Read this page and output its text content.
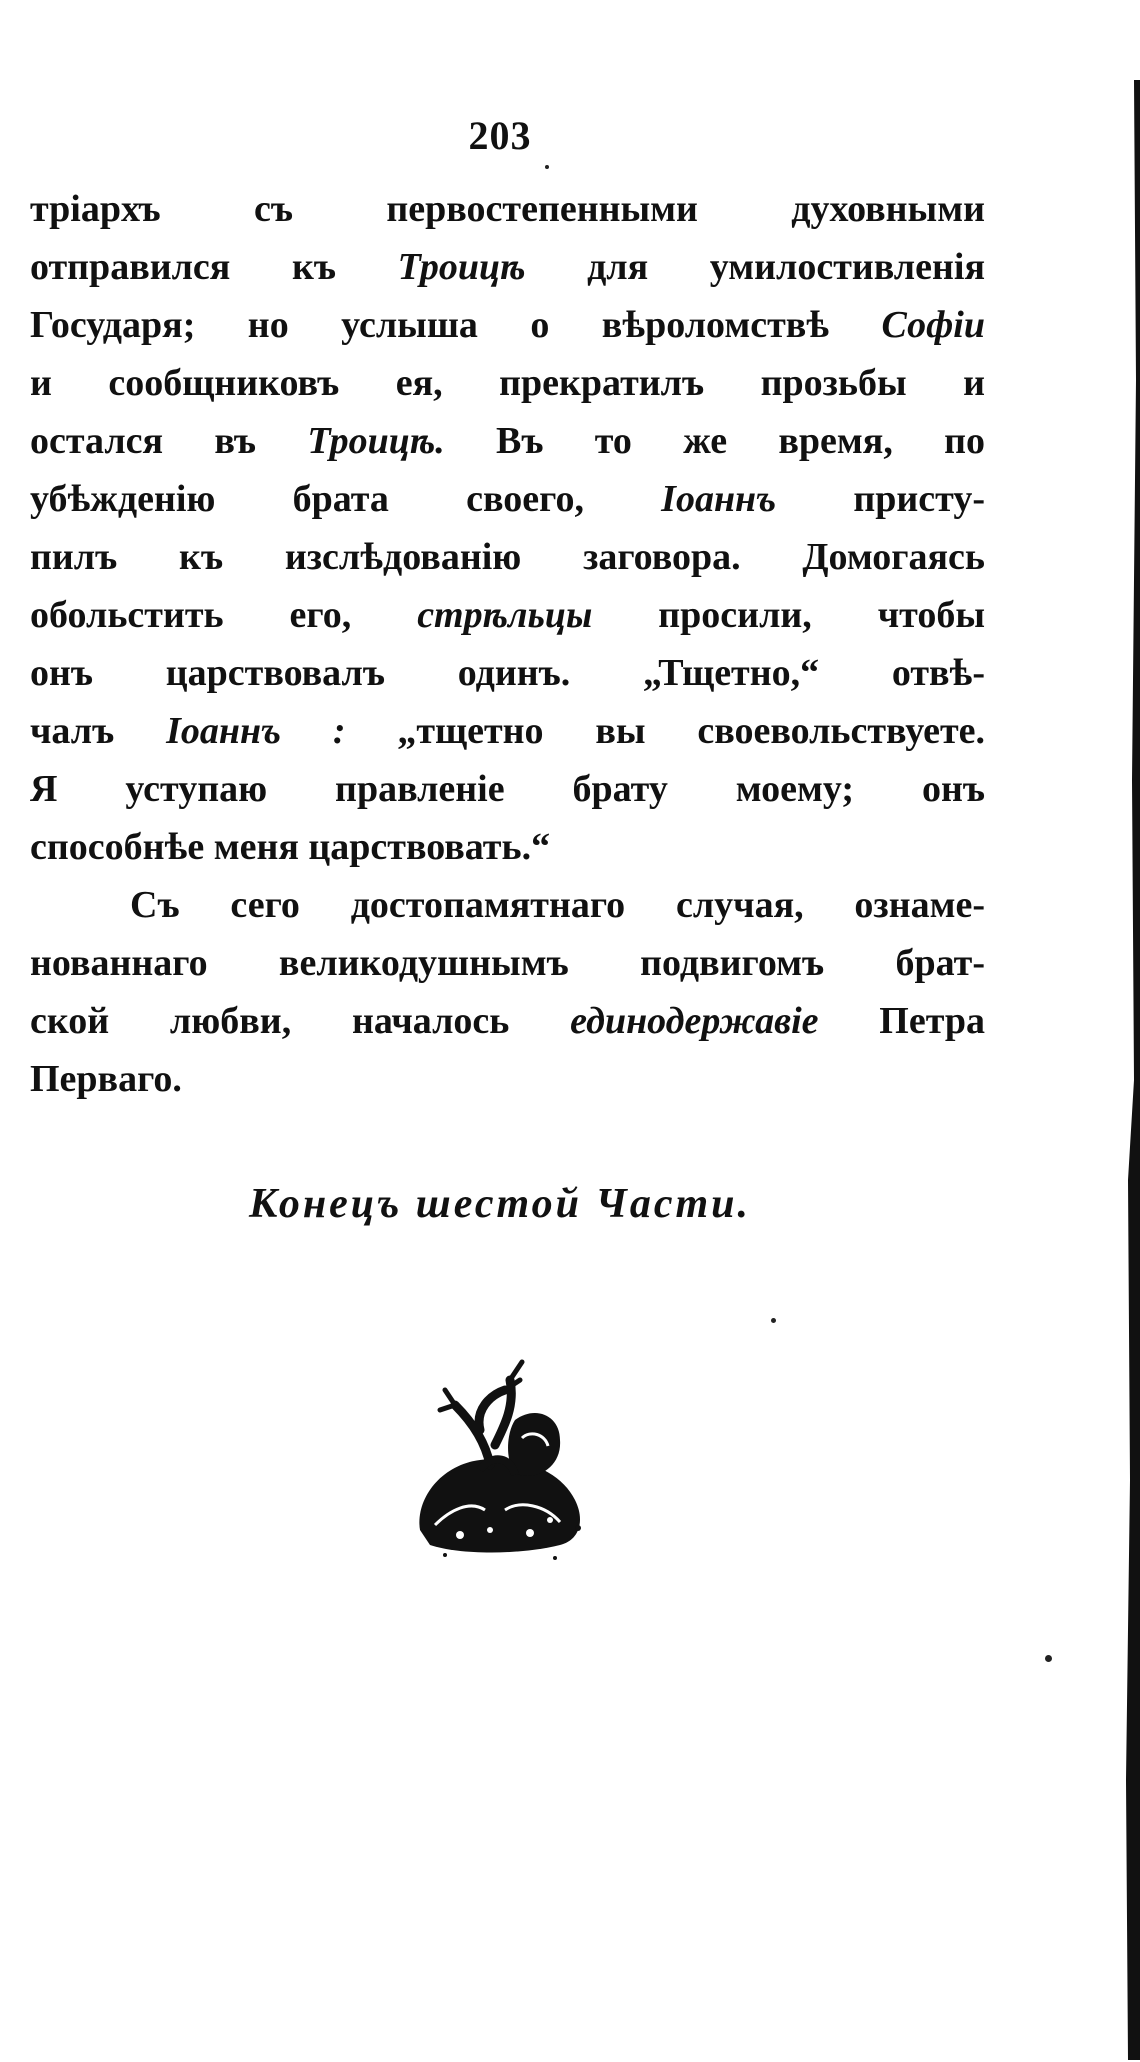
203
тріархъ съ первостепенными духовными
отправился къ Троицѣ для умилостивленія
Государя; но услыша о вѣроломствѣ Софіи
и сообщниковъ ея, прекратилъ прозьбы и
остался въ Троицѣ. Въ то же время, по
убѣжденію брата своего, Іоаннъ присту-
пилъ къ изслѣдованію заговора. Домогаясь
обольстить его, стрѣльцы просили, чтобы
онъ царствовалъ одинъ. „Тщетно,“ отвѣ-
чалъ Іоаннъ : „тщетно вы своевольствуете.
Я уступаю правленіе брату моему; онъ
способнѣе меня царствовать.“
Съ сего достопамятнаго случая, ознаме-
нованнаго великодушнымъ подвигомъ брат-
ской любви, началось единодержавіе Петра
Перваго.
Конецъ шестой Части.
